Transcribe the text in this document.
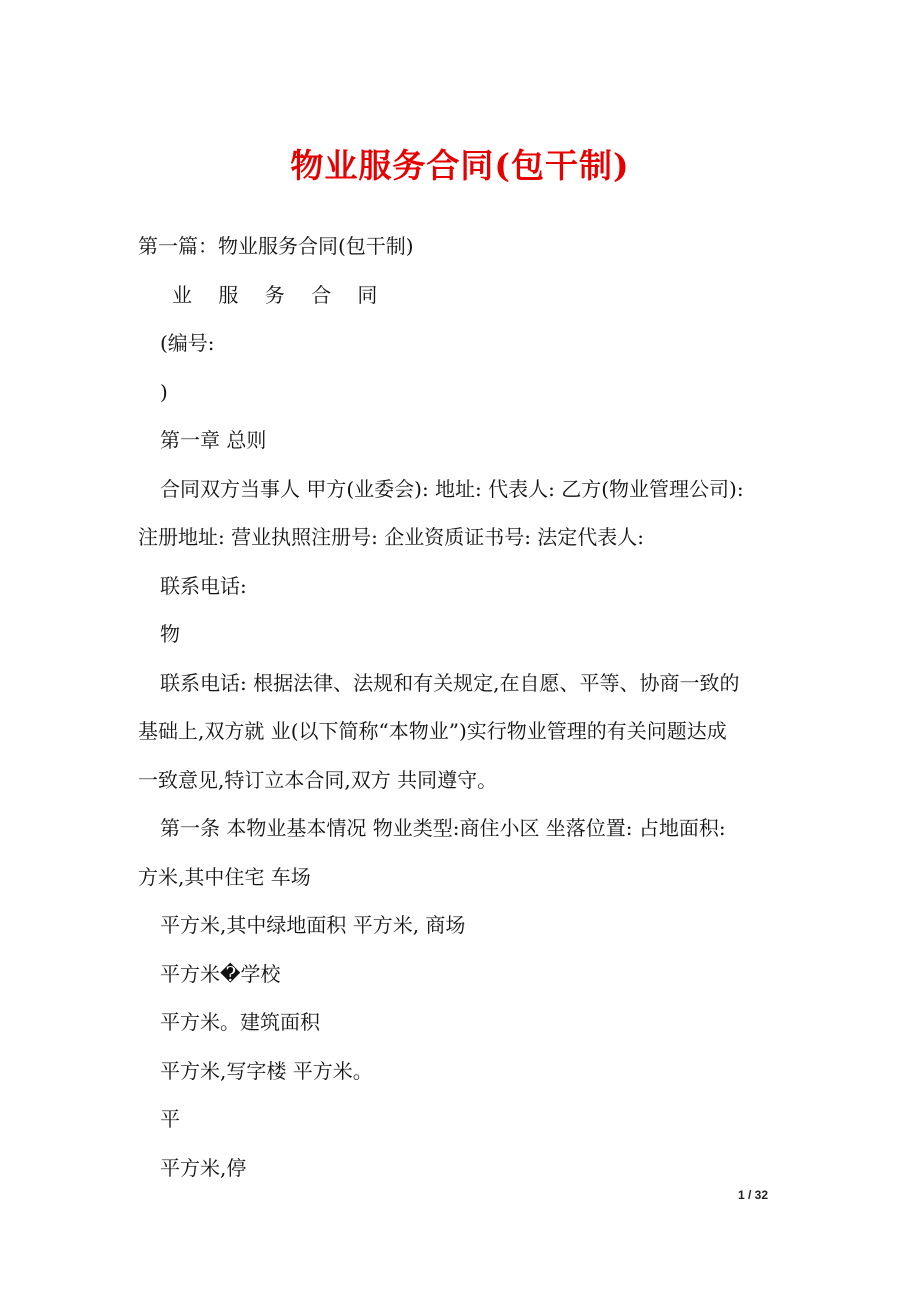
物业服务合同(包干制)

第一篇：物业服务合同(包干制)

业 服 务 合 同

(编号:

)

第一章 总则

合同双方当事人 甲方(业委会): 地址: 代表人: 乙方(物业管理公司):

注册地址: 营业执照注册号: 企业资质证书号: 法定代表人:

联系电话:

物

联系电话: 根据法律、法规和有关规定,在自愿、平等、协商一致的

基础上,双方就 业(以下简称“本物业”)实行物业管理的有关问题达成

一致意见,特订立本合同,双方 共同遵守。

第一条 本物业基本情况 物业类型:商住小区 坐落位置: 占地面积:

方米,其中住宅 车场

平方米,其中绿地面积 平方米, 商场

平方米�学校

平方米。建筑面积

平方米,写字楼 平方米。

平

平方米,停

1 / 32
